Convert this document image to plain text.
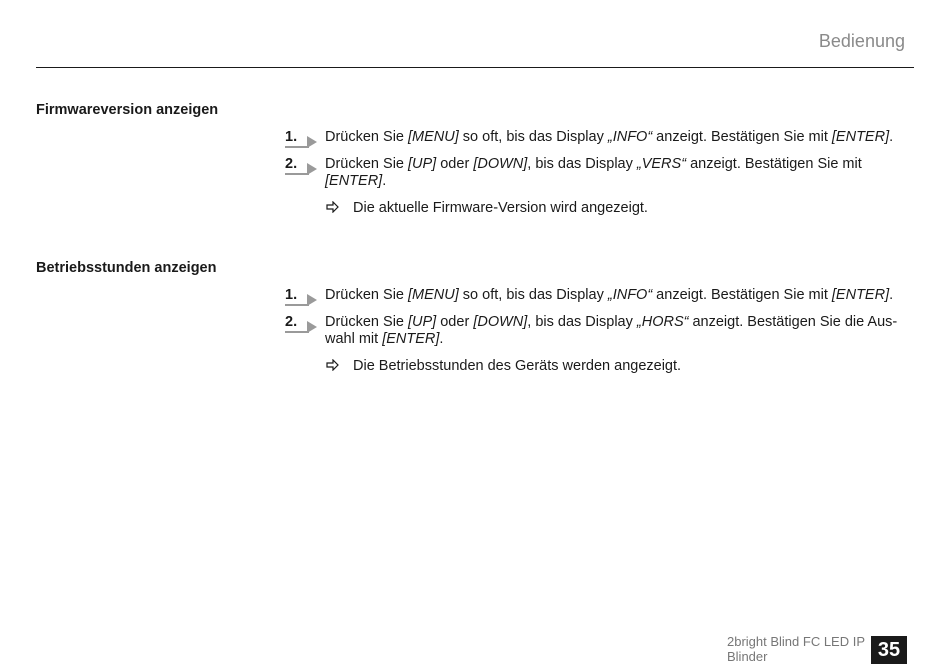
Bedienung
Firmwareversion anzeigen
1. Drücken Sie [MENU] so oft, bis das Display „INFO“ anzeigt. Bestätigen Sie mit [ENTER].
2. Drücken Sie [UP] oder [DOWN], bis das Display „VERS“ anzeigt. Bestätigen Sie mit [ENTER].
Die aktuelle Firmware-Version wird angezeigt.
Betriebsstunden anzeigen
1. Drücken Sie [MENU] so oft, bis das Display „INFO“ anzeigt. Bestätigen Sie mit [ENTER].
2. Drücken Sie [UP] oder [DOWN], bis das Display „HORS“ anzeigt. Bestätigen Sie die Auswahl mit [ENTER].
Die Betriebsstunden des Geräts werden angezeigt.
2bright Blind FC LED IP Blinder	35
